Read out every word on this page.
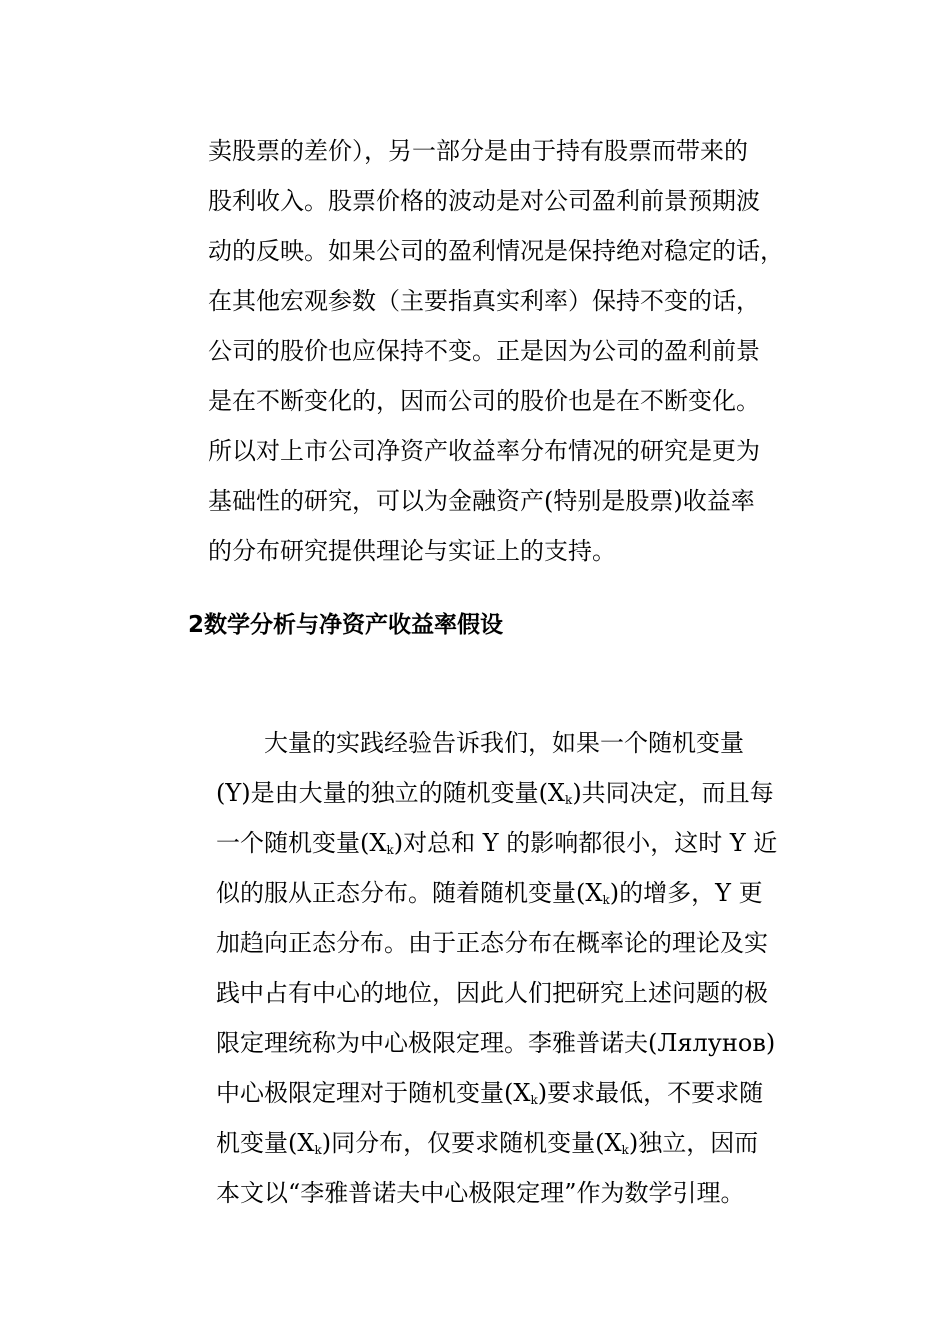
卖股票的差价），另一部分是由于持有股票而带来的
股利收入。股票价格的波动是对公司盈利前景预期波
动的反映。如果公司的盈利情况是保持绝对稳定的话，
在其他宏观参数（主要指真实利率）保持不变的话，
公司的股价也应保持不变。正是因为公司的盈利前景
是在不断变化的，因而公司的股价也是在不断变化。
所以对上市公司净资产收益率分布情况的研究是更为
基础性的研究，可以为金融资产(特别是股票)收益率
的分布研究提供理论与实证上的支持。
2数学分析与净资产收益率假设
　　大量的实践经验告诉我们，如果一个随机变量
(Y)是由大量的独立的随机变量$(X_k)$共同决定，而且每
一个随机变量$(X_k)$对总和 Y 的影响都很小，这时 Y 近
似的服从正态分布。随着随机变量$(X_k)$的增多，Y 更
加趋向正态分布。由于正态分布在概率论的理论及实
践中占有中心的地位，因此人们把研究上述问题的极
限定理统称为中心极限定理。李雅普诺夫(Лялунов)
中心极限定理对于随机变量$(X_k)$要求最低，不要求随
机变量$(X_k)$同分布，仅要求随机变量$(X_k)$独立，因而
本文以“李雅普诺夫中心极限定理”作为数学引理。
